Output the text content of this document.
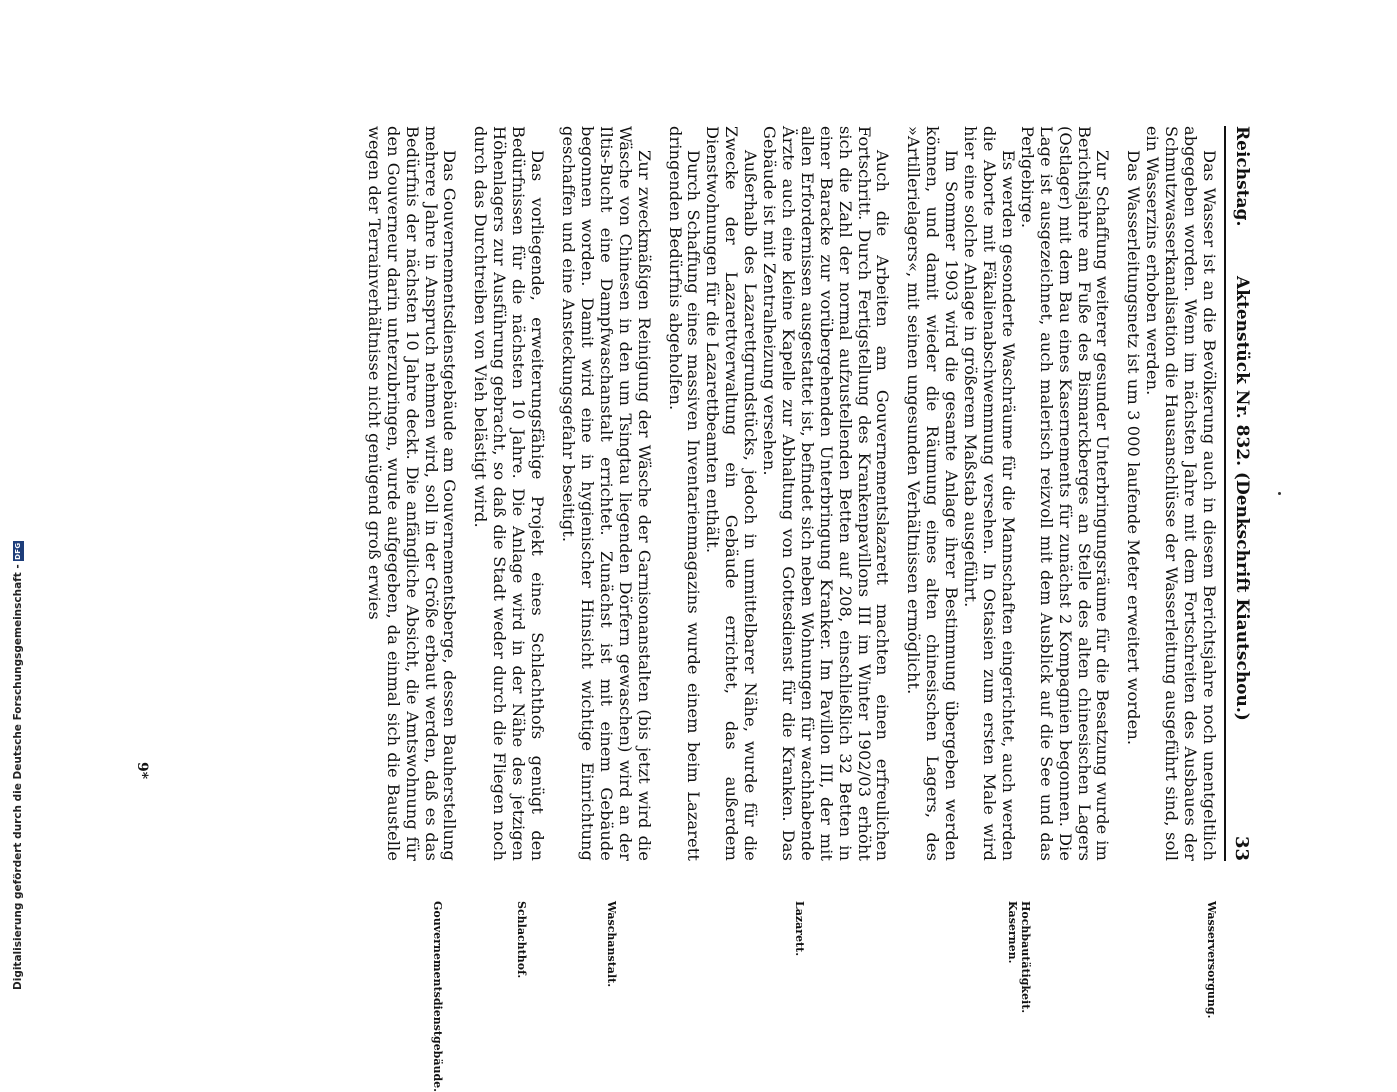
Reichstag.
Aktenstück Nr. 832. (Denkschrift Kiautschou.)
33

Das Wasser ist an die Bevölkerung auch in diesem Berichtsjahre noch unentgeltlich abgegeben worden. Wenn im nächsten Jahre mit dem Fortschreiten des Ausbaues der Schmutzwasserkanalisation die Hausanschlüsse der Wasserleitung ausgeführt sind, soll ein Wasserzins erhoben werden.

Das Wasserleitungsnetz ist um 3 000 laufende Meter erweitert worden.

Zur Schaffung weiterer gesunder Unterbringungsräume für die Besatzung wurde im Berichtsjahre am Fuße des Bismarckberges an Stelle des alten chinesischen Lagers (Ostlager) mit dem Bau eines Kasernements für zunächst 2 Kompagnien begonnen. Die Lage ist ausgezeichnet, auch malerisch reizvoll mit dem Ausblick auf die See und das Perlgebirge.

Es werden gesonderte Waschräume für die Mannschaften eingerichtet, auch werden die Aborte mit Fäkalienabschwemmung versehen. In Ostasien zum ersten Male wird hier eine solche Anlage in größerem Maßstab ausgeführt.

Im Sommer 1903 wird die gesamte Anlage ihrer Bestimmung übergeben werden können, und damit wieder die Räumung eines alten chinesischen Lagers, des »Artillerielagers«, mit seinen ungesunden Verhältnissen ermöglicht.

Auch die Arbeiten am Gouvernementslazarett machten einen erfreulichen Fortschritt. Durch Fertigstellung des Krankenpavillons III im Winter 1902/03 erhöht sich die Zahl der normal aufzustellenden Betten auf 208, einschließlich 32 Betten in einer Baracke zur vorübergehenden Unterbringung Kranker. Im Pavillon III, der mit allen Erfordernissen ausgestattet ist, befindet sich neben Wohnungen für wachhabende Ärzte auch eine kleine Kapelle zur Abhaltung von Gottesdienst für die Kranken. Das Gebäude ist mit Zentralheizung versehen.

Außerhalb des Lazarettgrundstücks, jedoch in unmittelbarer Nähe, wurde für die Zwecke der Lazarettverwaltung ein Gebäude errichtet, das außerdem Dienstwohnungen für die Lazarettbeamten enthält.

Durch Schaffung eines massiven Inventarienmagazins wurde einem beim Lazarett dringenden Bedürfnis abgeholfen.

Zur zweckmäßigen Reinigung der Wäsche der Garnisonanstalten (bis jetzt wird die Wäsche von Chinesen in den um Tsingtau liegenden Dörfern gewaschen) wird an der Iltis-Bucht eine Dampfwaschanstalt errichtet. Zunächst ist mit einem Gebäude begonnen worden. Damit wird eine in hygienischer Hinsicht wichtige Einrichtung geschaffen und eine Ansteckungsgefahr beseitigt.

Das vorliegende, erweiterungsfähige Projekt eines Schlachthofs genügt den Bedürfnissen für die nächsten 10 Jahre. Die Anlage wird in der Nähe des jetzigen Höhenlagers zur Ausführung gebracht, so daß die Stadt weder durch die Fliegen noch durch das Durchtreiben von Vieh belästigt wird.

Das Gouvernementsdienstgebäude am Gouvernementsberge, dessen Bauherstellung mehrere Jahre in Anspruch nehmen wird, soll in der Größe erbaut werden, daß es das Bedürfnis der nächsten 10 Jahre deckt. Die anfängliche Absicht, die Amtswohnung für den Gouverneur darin unterzubringen, wurde aufgegeben, da einmal sich die Baustelle wegen der Terrainverhältnisse nicht genügend groß erwies

Wasserversorgung.
Hochbautätigkeit. Kasernen.
Lazarett.
Waschanstalt.
Schlachthof.
Gouvernementsdienstgebäude.
9*
Digitalisierung gefördert durch die Deutsche Forschungsgemeinschaft -
DFG
